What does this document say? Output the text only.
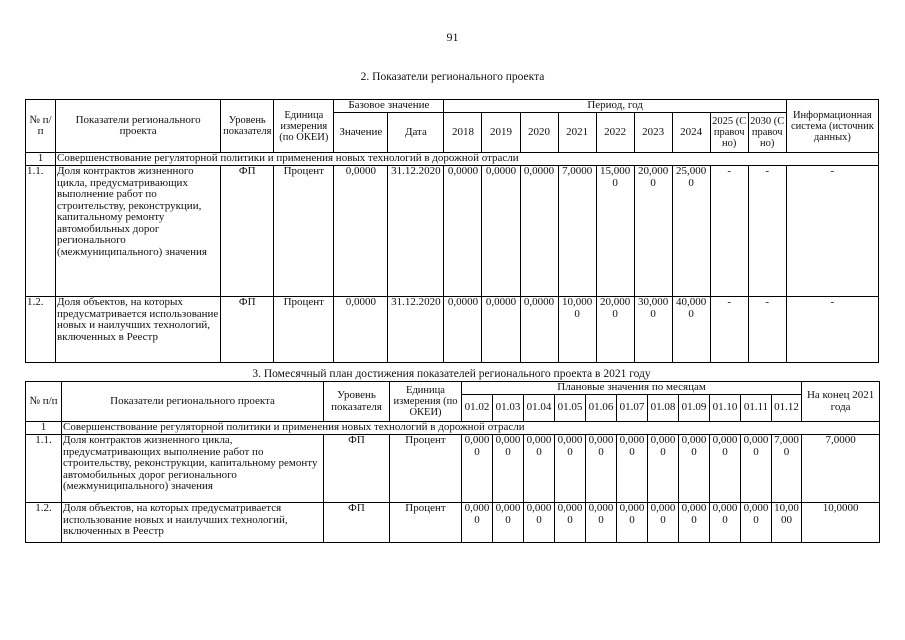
91
2. Показатели регионального проекта
№ п/п	Показатели регионального проекта	Уровень показателя	Единица измерения (по ОКЕИ)	Базовое значение		Период, год									Информационная система (источник данных)
				Значение	Дата	2018	2019	2020	2021	2022	2023	2024	2025 (Справочно)	2030 (Справочно)	
1	Совершенствование регуляторной политики и применения новых технологий в дорожной отрасли														
1.1.	Доля контрактов жизненного цикла, предусматривающих выполнение работ по строительству, реконструкции, капитальному ремонту автомобильных дорог регионального (межмуниципального) значения	ФП	Процент	0,0000	31.12.2020	0,0000	0,0000	0,0000	7,0000	15,0000	20,0000	25,0000	-	-	-
1.2.	Доля объектов, на которых предусматривается использование новых и наилучших технологий, включенных в Реестр	ФП	Процент	0,0000	31.12.2020	0,0000	0,0000	0,0000	10,0000	20,0000	30,0000	40,0000	-	-	-
3. Помесячный план достижения показателей регионального проекта в 2021 году
№ п/п	Показатели регионального проекта	Уровень показателя	Единица измерения (по ОКЕИ)	Плановые значения по месяцам											На конец 2021 года
				01.02	01.03	01.04	01.05	01.06	01.07	01.08	01.09	01.10	01.11	01.12	
1	Совершенствование регуляторной политики и применения новых технологий в дорожной отрасли														
1.1.	Доля контрактов жизненного цикла, предусматривающих выполнение работ по строительству, реконструкции, капитальному ремонту автомобильных дорог регионального (межмуниципального) значения	ФП	Процент	0,0000	0,0000	0,0000	0,0000	0,0000	0,0000	0,0000	0,0000	0,0000	0,0000	7,0000	7,0000
1.2.	Доля объектов, на которых предусматривается использование новых и наилучших технологий, включенных в Реестр	ФП	Процент	0,0000	0,0000	0,0000	0,0000	0,0000	0,0000	0,0000	0,0000	0,0000	0,0000	10,0000	10,0000
